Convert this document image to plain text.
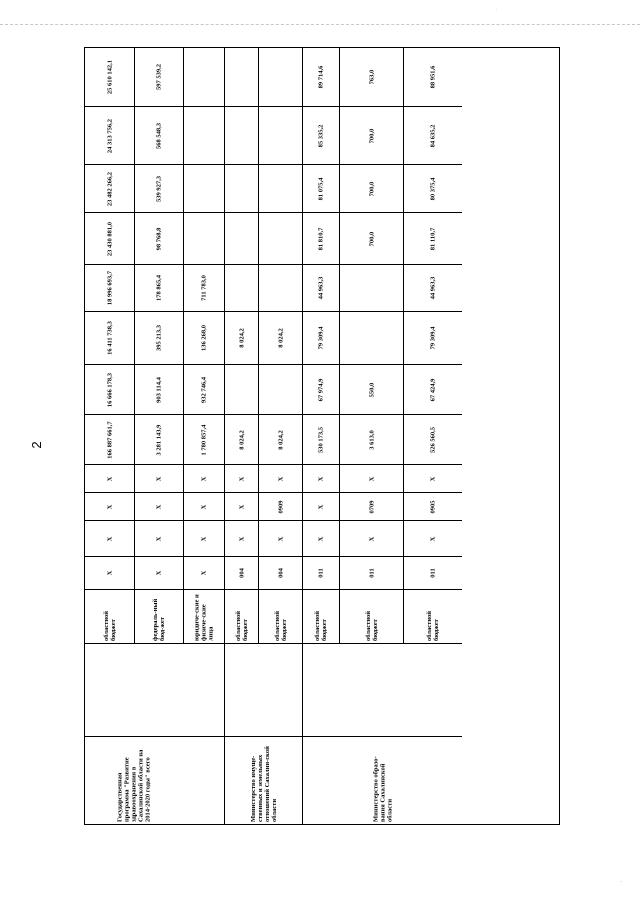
·
·
2
25 610 142,1
24 313 756,2
23 482 266,2
23 430 881,0
18 996 693,7
16 411 738,3
16 666 178,3
166 887 661,7
X
X
X
X
областной бюджет
Государственная программа "Развитие здравоохранения в Сахалинской области на 2014-2020 годы" всего
597 539,2
568 548,3
539 927,3
98 768,8
178 865,4
395 213,3
903 114,4
3 281 143,9
X
X
X
X
федераль-ный бюд-жет
711 783,0
136 268,0
932 746,4
1 780 857,4
X
X
X
X
юридиче-ские и физиче-ские лица
8 024,2
8 024,2
X
X
X
004
областной бюджет
Министерство имуще-ственных и земельных отношений Сахалин-ской области
8 024,2
8 024,2
X
0909
X
004
областной бюджет
89 714,6
85 335,2
81 075,4
81 810,7
44 963,3
79 309,4
67 974,9
530 173,5
X
X
X
011
областной бюджет
Министерство образо-вания Сахалинской области
763,0
700,0
700,0
700,0
550,0
3 613,0
X
0709
X
011
областной бюджет
88 951,6
84 635,2
80 375,4
81 110,7
44 963,3
79 309,4
67 424,9
526 560,5
X
0905
X
011
областной бюджет
